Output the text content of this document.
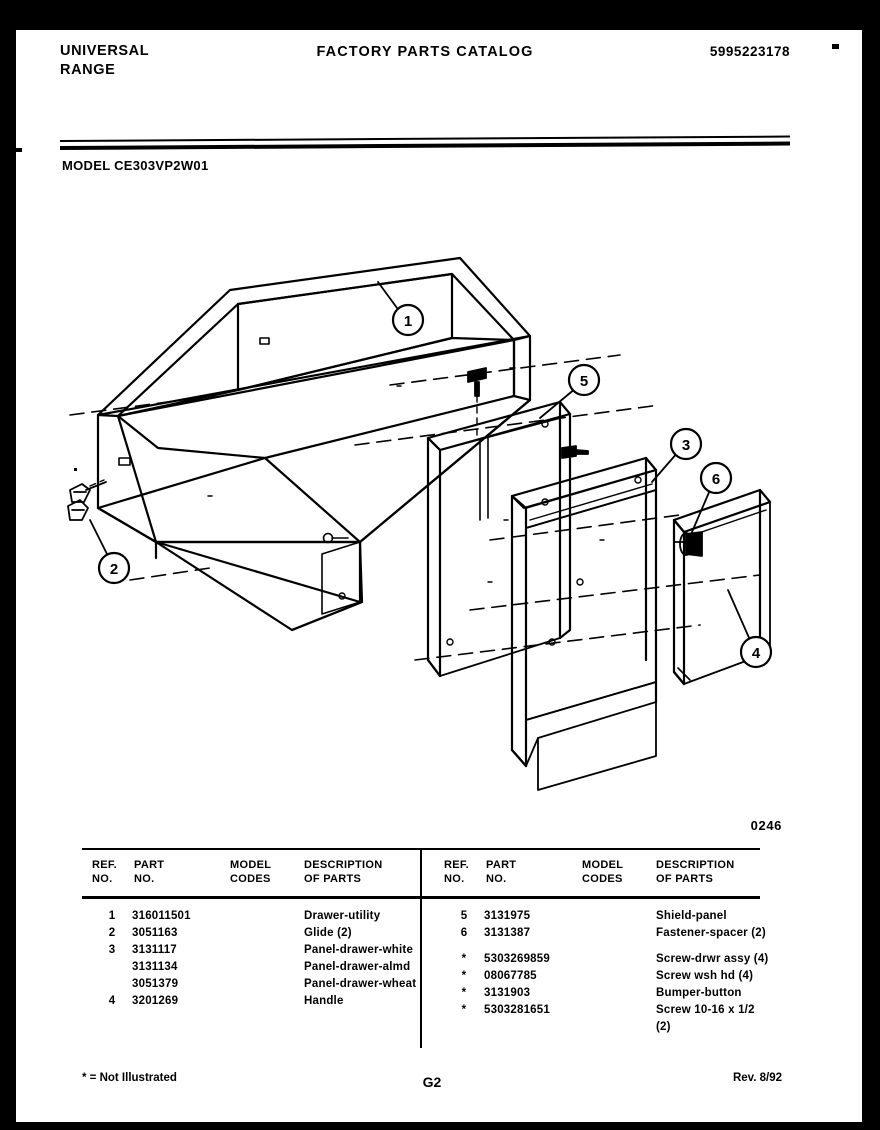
UNIVERSAL
RANGE
FACTORY PARTS CATALOG	5995223178
MODEL CE303VP2W01
1
2
5
3
6
4
0246
REF.
NO.
PART
NO.
MODEL
CODES
DESCRIPTION
OF PARTS
1	316011501	Drawer-utility
2	3051163	Glide (2)
3	3131117	Panel-drawer-white
3131134	Panel-drawer-almd
3051379	Panel-drawer-wheat
4	3201269	Handle
REF.
NO.
PART
NO.
MODEL
CODES
DESCRIPTION
OF PARTS
5	3131975	Shield-panel
6	3131387	Fastener-spacer (2)
*	5303269859	Screw-drwr assy (4)
*	08067785	Screw wsh hd (4)
*	3131903	Bumper-button
*	5303281651	Screw 10-16 x 1/2
(2)
* = Not Illustrated	G2	Rev. 8/92
